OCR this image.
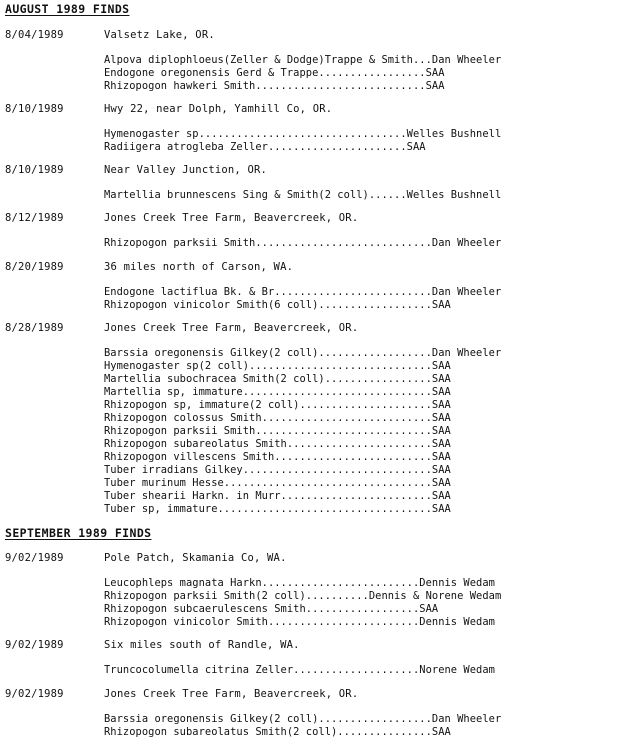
AUGUST 1989 FINDS
8/04/1989	Valsetz Lake, OR.
Alpova diplophloeus(Zeller & Dodge)Trappe & Smith...Dan Wheeler
Endogone oregonensis Gerd & Trappe.................SAA
Rhizopogon hawkeri Smith...........................SAA
8/10/1989	Hwy 22, near Dolph, Yamhill Co, OR.
Hymenogaster sp.................................Welles Bushnell
Radiigera atrogleba Zeller......................SAA
8/10/1989	Near Valley Junction, OR.
Martellia brunnescens Sing & Smith(2 coll)......Welles Bushnell
8/12/1989	Jones Creek Tree Farm, Beavercreek, OR.
Rhizopogon parksii Smith............................Dan Wheeler
8/20/1989	36 miles north of Carson, WA.
Endogone lactiflua Bk. & Br.........................Dan Wheeler
Rhizopogon vinicolor Smith(6 coll)..................SAA
8/28/1989	Jones Creek Tree Farm, Beavercreek, OR.
Barssia oregonensis Gilkey(2 coll)..................Dan Wheeler
Hymenogaster sp(2 coll).............................SAA
Martellia subochracea Smith(2 coll).................SAA
Martellia sp, immature..............................SAA
Rhizopogon sp, immature(2 coll).....................SAA
Rhizopogon colossus Smith...........................SAA
Rhizopogon parksii Smith............................SAA
Rhizopogon subareolatus Smith.......................SAA
Rhizopogon villescens Smith.........................SAA
Tuber irradians Gilkey..............................SAA
Tuber murinum Hesse.................................SAA
Tuber shearii Harkn. in Murr........................SAA
Tuber sp, immature..................................SAA
SEPTEMBER 1989 FINDS
9/02/1989	Pole Patch, Skamania Co, WA.
Leucophleps magnata Harkn.........................Dennis Wedam
Rhizopogon parksii Smith(2 coll)..........Dennis & Norene Wedam
Rhizopogon subcaerulescens Smith..................SAA
Rhizopogon vinicolor Smith........................Dennis Wedam
9/02/1989	Six miles south of Randle, WA.
Truncocolumella citrina Zeller....................Norene Wedam
9/02/1989	Jones Creek Tree Farm, Beavercreek, OR.
Barssia oregonensis Gilkey(2 coll)..................Dan Wheeler
Rhizopogon subareolatus Smith(2 coll)...............SAA
